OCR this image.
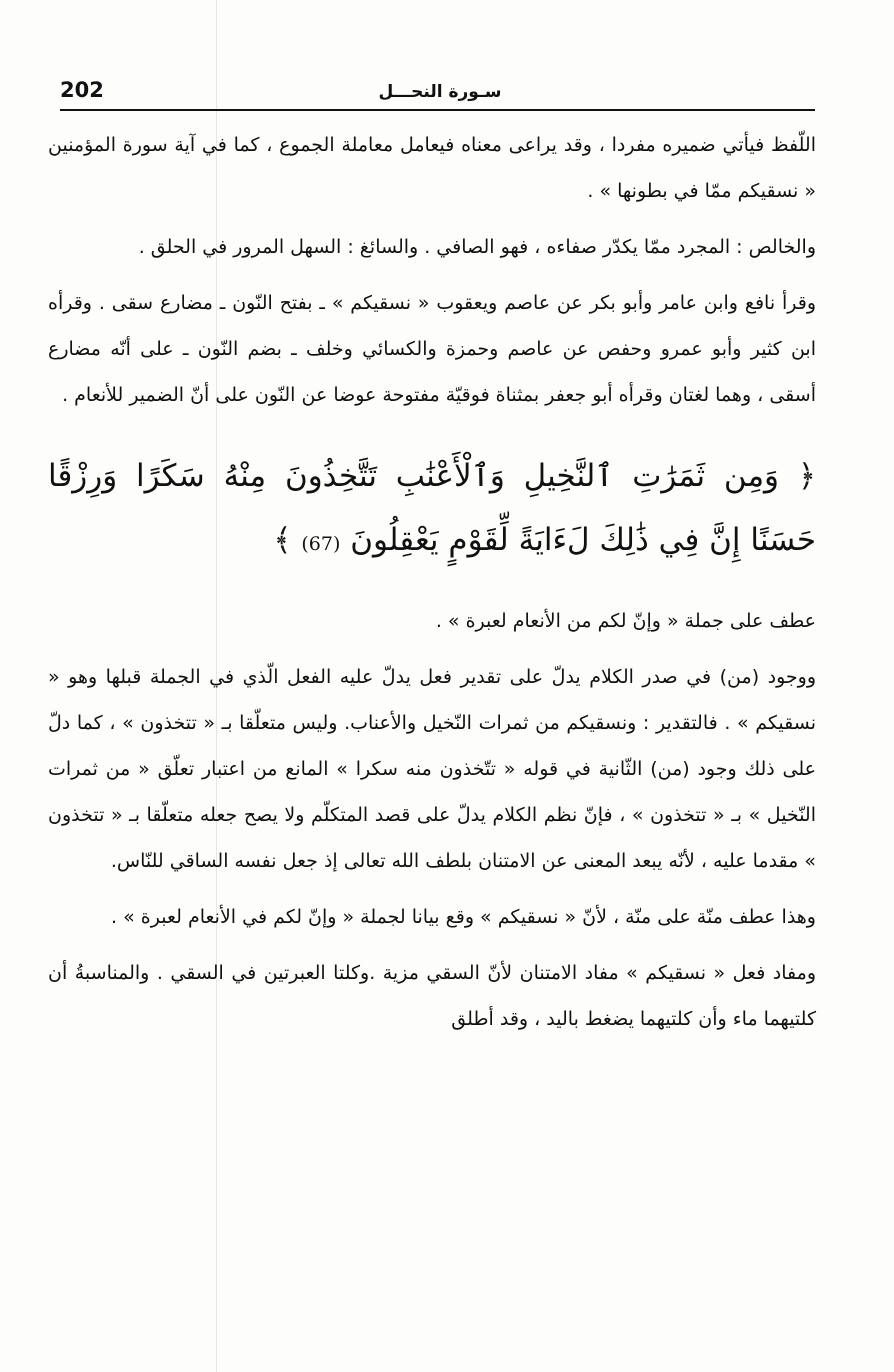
202	سـورة النحـــل

اللّفظ فيأتي ضميره مفردا ، وقد يراعى معناه فيعامل معاملة الجموع ، كما في آية سورة المؤمنين « نسقيكم ممّا في بطونها » .

والخالص : المجرد ممّا يكدّر صفاءه ، فهو الصافي . والسائغ : السهل المرور في الحلق .

وقرأ نافع وابن عامر وأبو بكر عن عاصم ويعقوب « نسقيكم » ـ بفتح النّون ـ مضارع سقى . وقرأه ابن كثير وأبو عمرو وحفص عن عاصم وحمزة والكسائي وخلف ـ بضم النّون ـ على أنّه مضارع أسقى ، وهما لغتان وقرأه أبو جعفر بمثناة فوقيّة مفتوحة عوضا عن النّون على أنّ الضمير للأنعام .

﴿ وَمِن ثَمَرَٰتِ ٱلنَّخِيلِ وَٱلْأَعْنَٰبِ تَتَّخِذُونَ مِنْهُ سَكَرًا وَرِزْقًا حَسَنًا إِنَّ فِي ذَٰلِكَ لَءَايَةً لِّقَوْمٍ يَعْقِلُونَ (67) ﴾

عطف على جملة « وإنّ لكم من الأنعام لعبرة » .

ووجود (من) في صدر الكلام يدلّ على تقدير فعل يدلّ عليه الفعل الّذي في الجملة قبلها وهو « نسقيكم » . فالتقدير : ونسقيكم من ثمرات النّخيل والأعناب. وليس متعلّقا بـ « تتخذون » ، كما دلّ على ذلك وجود (من) الثّانية في قوله « تتّخذون منه سكرا » المانع من اعتبار تعلّق « من ثمرات النّخيل » بـ « تتخذون » ، فإنّ نظم الكلام يدلّ على قصد المتكلّم ولا يصح جعله متعلّقا بـ « تتخذون » مقدما عليه ، لأنّه يبعد المعنى عن الامتنان بلطف الله تعالى إذ جعل نفسه الساقي للنّاس.

وهذا عطف منّة على منّة ، لأنّ « نسقيكم » وقع بيانا لجملة « وإنّ لكم في الأنعام لعبرة » .

ومفاد فعل « نسقيكم » مفاد الامتنان لأنّ السقي مزية .وكلتا العبرتين في السقي . والمناسبةُ أن كلتيهما ماء وأن كلتيهما يضغط باليد ، وقد أطلق
